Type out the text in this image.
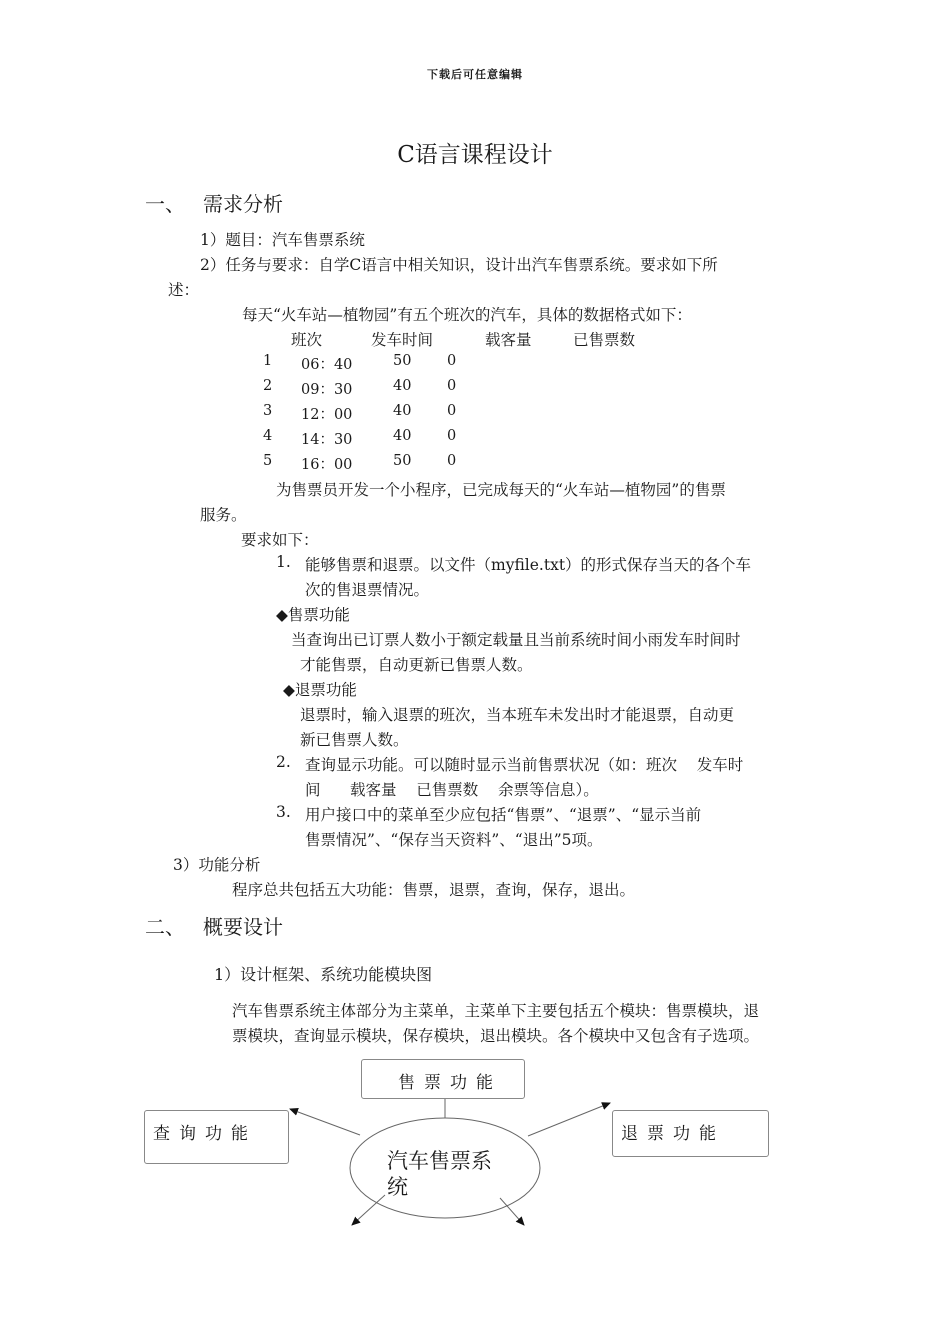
下载后可任意编辑
C语言课程设计
一、 需求分析
1）题目：汽车售票系统
2）任务与要求：自学C语言中相关知识，设计出汽车售票系统。要求如下所
述：
每天“火车站—植物园”有五个班次的汽车，具体的数据格式如下：
班次	发车时间	载客量	已售票数
1 06：40	50 0
2 09：30	40 0
3 12：00	40 0
4 14：30	40 0
5 16：00	50 0
为售票员开发一个小程序，已完成每天的“火车站—植物园”的售票
服务。
要求如下：
1. 能够售票和退票。以文件（myfile.txt）的形式保存当天的各个车
次的售退票情况。
◆售票功能
当查询出已订票人数小于额定载量且当前系统时间小雨发车时间时
才能售票，自动更新已售票人数。
◆退票功能
退票时，输入退票的班次，当本班车未发出时才能退票，自动更
新已售票人数。
2. 查询显示功能。可以随时显示当前售票状况（如：班次    发车时
间      载客量    已售票数    余票等信息）。
3. 用户接口中的菜单至少应包括“售票”、“退票”、“显示当前
售票情况”、“保存当天资料”、“退出”5项。
3）功能分析
程序总共包括五大功能：售票，退票，查询，保存，退出。
二、 概要设计
1）设计框架、系统功能模块图
汽车售票系统主体部分为主菜单，主菜单下主要包括五个模块：售票模块，退
票模块，查询显示模块，保存模块，退出模块。各个模块中又包含有子选项。
售票功能
查询功能	退票功能
汽车售票系统
